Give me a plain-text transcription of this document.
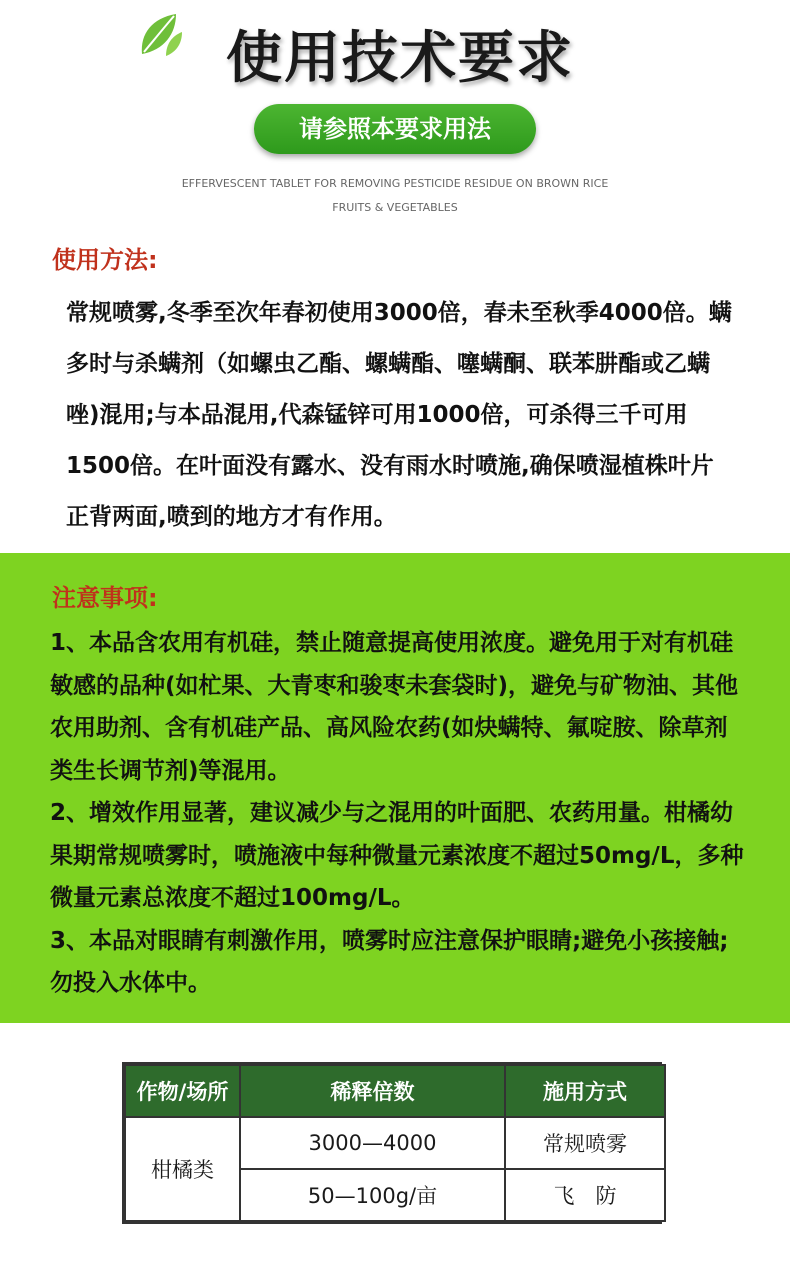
使用技术要求
请参照本要求用法
EFFERVESCENT TABLET FOR REMOVING PESTICIDE RESIDUE ON BROWN RICE
FRUITS & VEGETABLES
使用方法:
常规喷雾,冬季至次年春初使用3000倍，春未至秋季4000倍。螨多时与杀螨剂（如螺虫乙酯、螺螨酯、噻螨酮、联苯肼酯或乙螨唑)混用;与本品混用,代森锰锌可用1000倍，可杀得三千可用1500倍。在叶面没有露水、没有雨水时喷施,确保喷湿植株叶片正背两面,喷到的地方才有作用。
注意事项:

1、本品含农用有机硅，禁止随意提高使用浓度。避免用于对有机硅敏感的品种(如杧果、大青枣和骏枣未套袋时)，避免与矿物油、其他农用助剂、含有机硅产品、高风险农药(如炔螨特、氟啶胺、除草剂类生长调节剂)等混用。

2、增效作用显著，建议减少与之混用的叶面肥、农药用量。柑橘幼果期常规喷雾时，喷施液中每种微量元素浓度不超过50mg/L，多种微量元素总浓度不超过100mg/L。

3、本品对眼睛有刺激作用，喷雾时应注意保护眼睛;避免小孩接触;勿投入水体中。

作物/场所	稀释倍数	施用方式
柑橘类	3000—4000	常规喷雾
	50—100g/亩	飞　防
